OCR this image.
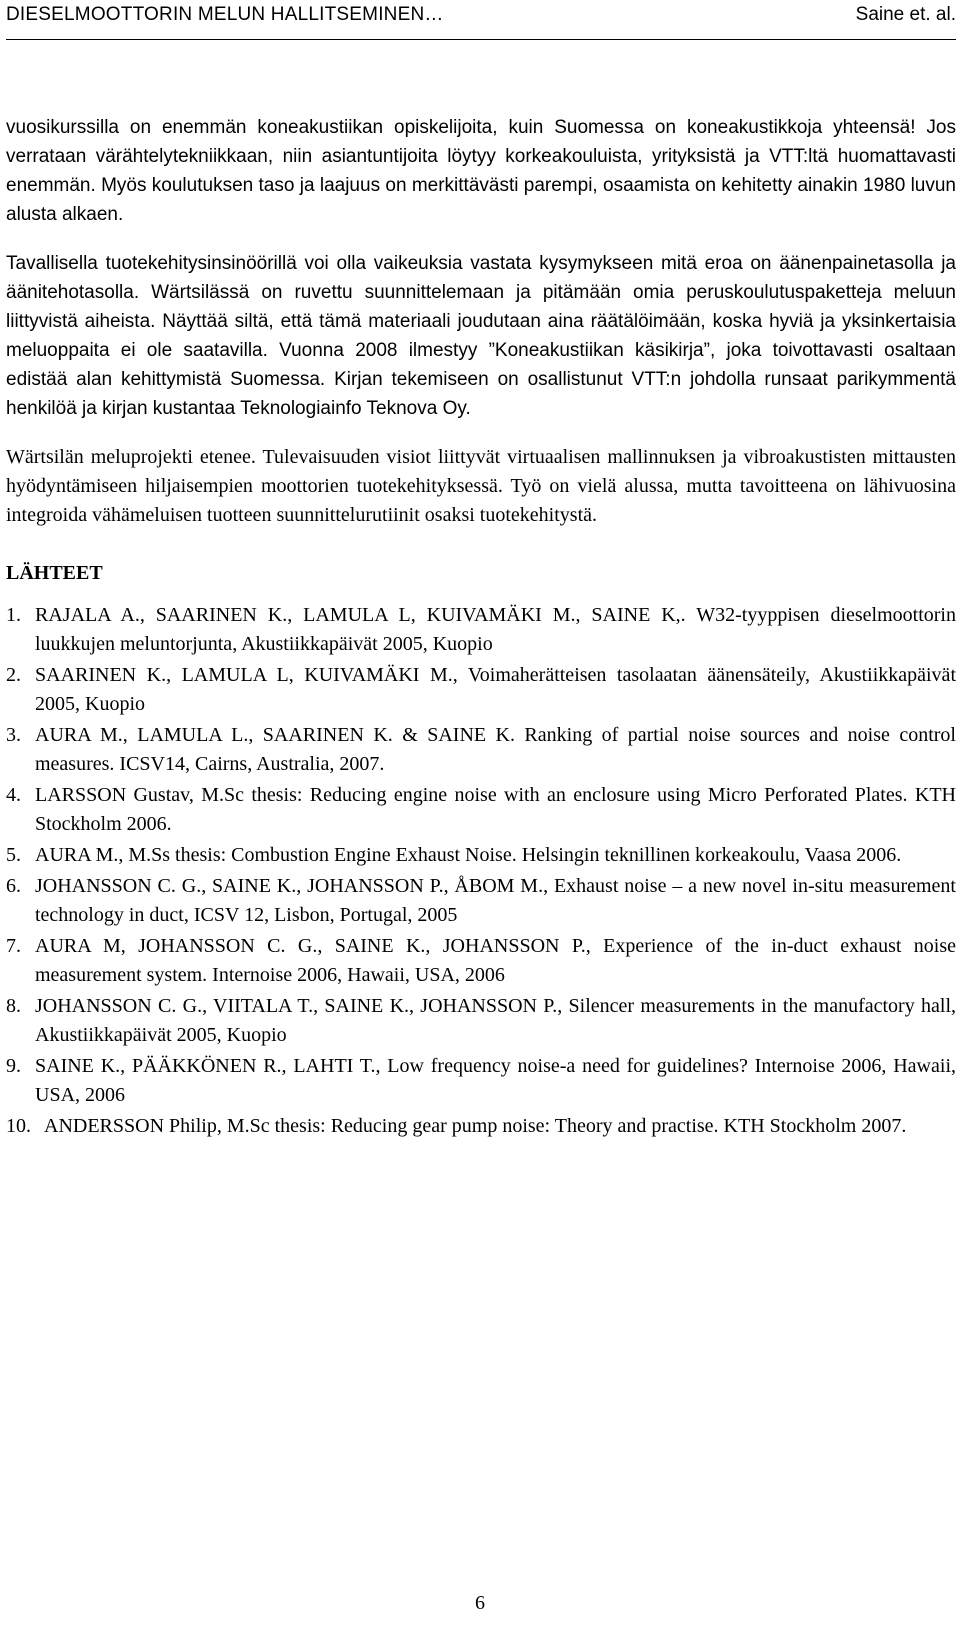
DIESELMOOTTORIN MELUN HALLITSEMINEN…	Saine et. al.

vuosikurssilla on enemmän koneakustiikan opiskelijoita, kuin Suomessa on koneakustikkoja yhteensä! Jos verrataan värähtelytekniikkaan, niin asiantuntijoita löytyy korkeakouluista, yrityksistä ja VTT:ltä huomattavasti enemmän. Myös koulutuksen taso ja laajuus on merkittävästi parempi, osaamista on kehitetty ainakin 1980 luvun alusta alkaen.

Tavallisella tuotekehitysinsinöörillä voi olla vaikeuksia vastata kysymykseen mitä eroa on äänenpainetasolla ja äänitehotasolla. Wärtsilässä on ruvettu suunnittelemaan ja pitämään omia peruskoulutuspaketteja meluun liittyvistä aiheista. Näyttää siltä, että tämä materiaali joudutaan aina räätälöimään, koska hyviä ja yksinkertaisia meluoppaita ei ole saatavilla. Vuonna 2008 ilmestyy ”Koneakustiikan käsikirja”, joka toivottavasti osaltaan edistää alan kehittymistä Suomessa. Kirjan tekemiseen on osallistunut VTT:n johdolla runsaat parikymmentä henkilöä ja kirjan kustantaa Teknologiainfo Teknova Oy.

Wärtsilän meluprojekti etenee. Tulevaisuuden visiot liittyvät virtuaalisen mallinnuksen ja vibroakustisten mittausten hyödyntämiseen hiljaisempien moottorien tuotekehityksessä. Työ on vielä alussa, mutta tavoitteena on lähivuosina integroida vähämeluisen tuotteen suunnittelurutiinit osaksi tuotekehitystä.

LÄHTEET
1. RAJALA A., SAARINEN K., LAMULA L, KUIVAMÄKI M., SAINE K,. W32-tyyppisen dieselmoottorin luukkujen meluntorjunta, Akustiikkapäivät 2005, Kuopio
2. SAARINEN K., LAMULA L, KUIVAMÄKI M., Voimaherätteisen tasolaatan äänensäteily, Akustiikkapäivät 2005, Kuopio
3. AURA M., LAMULA L., SAARINEN K. & SAINE K. Ranking of partial noise sources and noise control measures. ICSV14, Cairns, Australia, 2007.
4. LARSSON Gustav, M.Sc thesis: Reducing engine noise with an enclosure using Micro Perforated Plates. KTH Stockholm 2006.
5. AURA M., M.Ss thesis: Combustion Engine Exhaust Noise. Helsingin teknillinen korkeakoulu, Vaasa 2006.
6. JOHANSSON C. G., SAINE K., JOHANSSON P., ÅBOM M., Exhaust noise – a new novel in-situ measurement technology in duct, ICSV 12, Lisbon, Portugal, 2005
7. AURA M, JOHANSSON C. G., SAINE K., JOHANSSON P., Experience of the in-duct exhaust noise measurement system. Internoise 2006, Hawaii, USA, 2006
8. JOHANSSON C. G., VIITALA T., SAINE K., JOHANSSON P., Silencer measurements in the manufactory hall, Akustiikkapäivät 2005, Kuopio
9. SAINE K., PÄÄKKÖNEN R., LAHTI T., Low frequency noise-a need for guidelines? Internoise 2006, Hawaii, USA, 2006
10. ANDERSSON Philip, M.Sc thesis: Reducing gear pump noise: Theory and practise. KTH Stockholm 2007.
6
